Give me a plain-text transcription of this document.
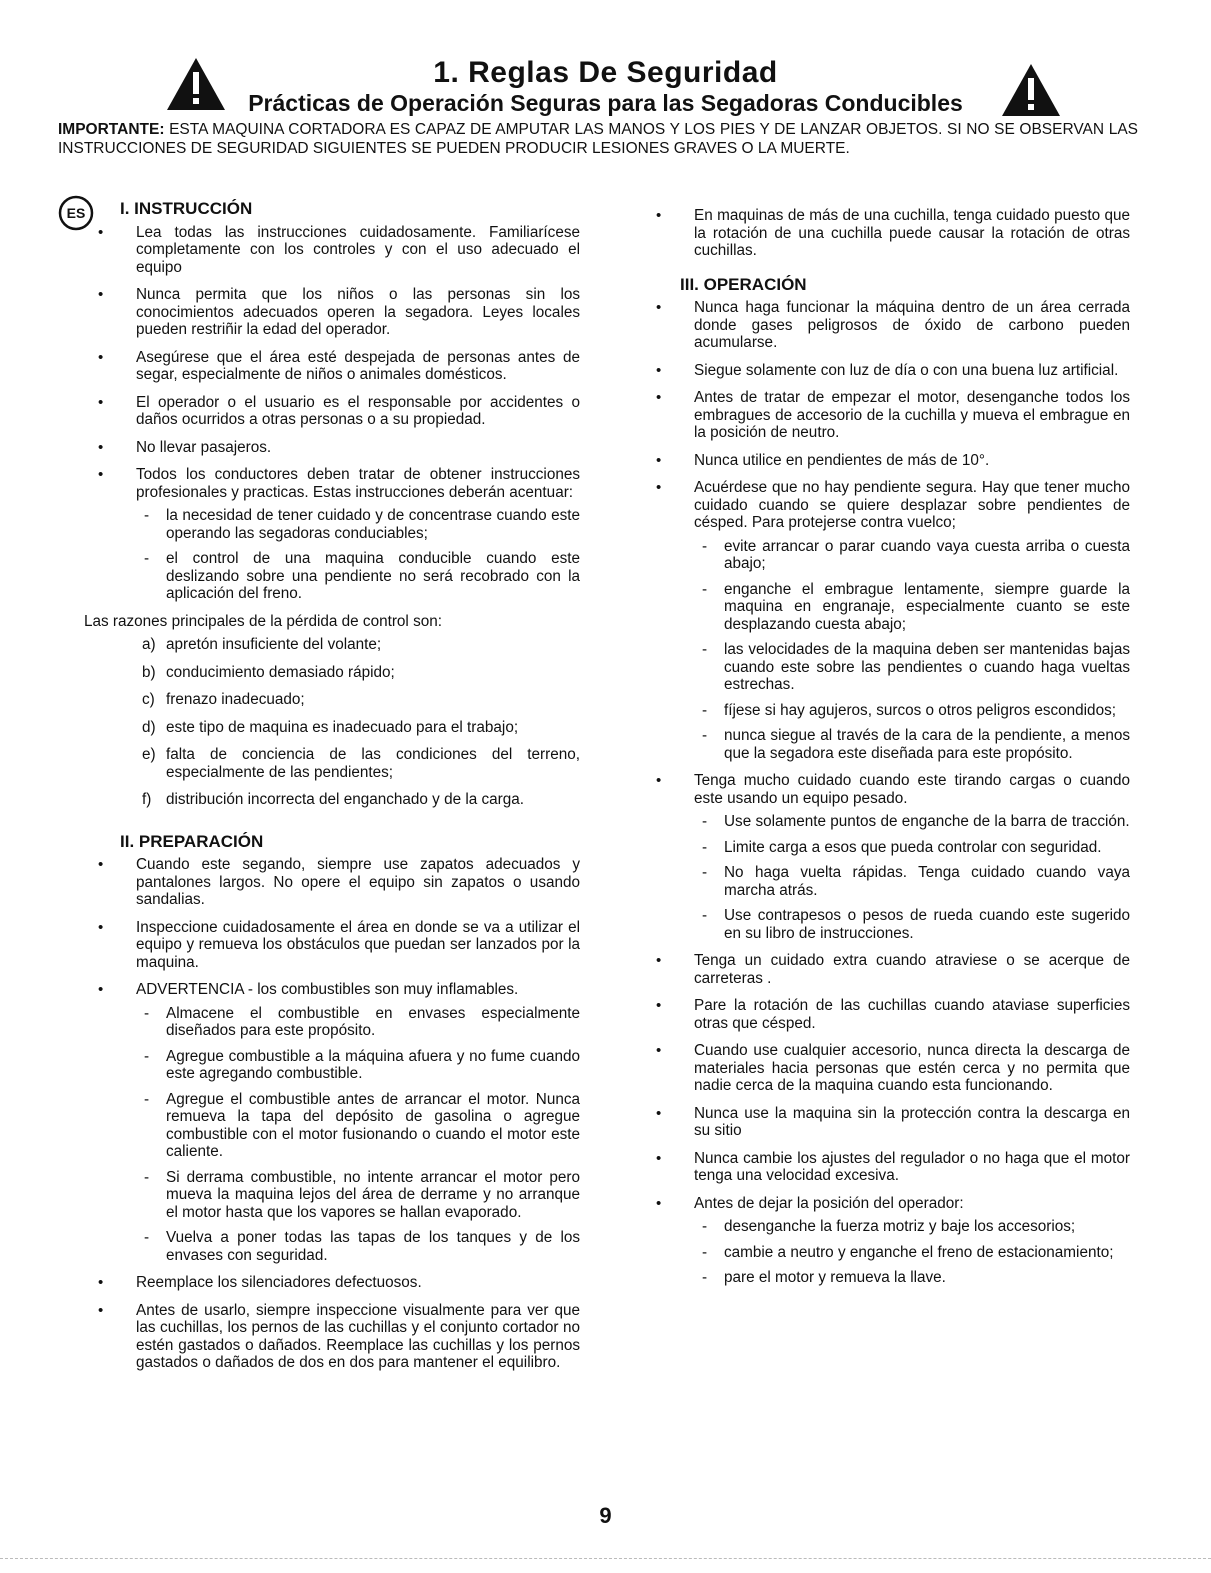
1. Reglas De Seguridad
Prácticas de Operación Seguras para las Segadoras Conducibles

IMPORTANTE: ESTA MAQUINA CORTADORA ES CAPAZ DE AMPUTAR LAS MANOS Y LOS PIES Y DE LANZAR OBJETOS. SI NO SE OBSERVAN LAS INSTRUCCIONES DE SEGURIDAD SIGUIENTES SE PUEDEN PRODUCIR LESIONES GRAVES O LA MUERTE.

ES I. INSTRUCCIÓN
• Lea todas las instrucciones cuidadosamente. Familiarícese completamente con los controles y con el uso adecuado el equipo
• Nunca permita que los niños o las personas sin los conocimientos adecuados operen la segadora. Leyes locales pueden restriñir la edad del operador.
• Asegúrese que el área esté despejada de personas antes de segar, especialmente de niños o animales domésticos.
• El operador o el usuario es el responsable por accidentes o daños ocurridos a otras personas o a su propiedad.
• No llevar pasajeros.
• Todos los conductores deben tratar de obtener instrucciones profesionales y practicas. Estas instrucciones deberán acentuar:
- la necesidad de tener cuidado y de concentrase cuando este operando las segadoras conduciables;
- el control de una maquina conducible cuando este deslizando sobre una pendiente no será recobrado con la aplicación del freno.
Las razones principales de la pérdida de control son:
a) apretón insuficiente del volante;
b) conducimiento demasiado rápido;
c) frenazo inadecuado;
d) este tipo de maquina es inadecuado para el trabajo;
e) falta de conciencia de las condiciones del terreno, especialmente de las pendientes;
f) distribución incorrecta del enganchado y de la carga.
II. PREPARACIÓN
• Cuando este segando, siempre use zapatos adecuados y pantalones largos. No opere el equipo sin zapatos o usando sandalias.
• Inspeccione cuidadosamente el área en donde se va a utilizar el equipo y remueva los obstáculos que puedan ser lanzados por la maquina.
• ADVERTENCIA - los combustibles son muy inflamables.
- Almacene el combustible en envases especialmente diseñados para este propósito.
- Agregue combustible a la máquina afuera y no fume cuando este agregando combustible.
- Agregue el combustible antes de arrancar el motor. Nunca remueva la tapa del depósito de gasolina o agregue combustible con el motor fusionando o cuando el motor este caliente.
- Si derrama combustible, no intente arrancar el motor pero mueva la maquina lejos del área de derrame y no arranque el motor hasta que los vapores se hallan evaporado.
- Vuelva a poner todas las tapas de los tanques y de los envases con seguridad.
• Reemplace los silenciadores defectuosos.
• Antes de usarlo, siempre inspeccione visualmente para ver que las cuchillas, los pernos de las cuchillas y el conjunto cortador no estén gastados o dañados. Reemplace las cuchillas y los pernos gastados o dañados de dos en dos para mantener el equilibro.
• En maquinas de más de una cuchilla, tenga cuidado puesto que la rotación de una cuchilla puede causar la rotación de otras cuchillas.
III. OPERACIÓN
• Nunca haga funcionar la máquina dentro de un área cerrada donde gases peligrosos de óxido de carbono pueden acumularse.
• Siegue solamente con luz de día o con una buena luz artificial.
• Antes de tratar de empezar el motor, desenganche todos los embragues de accesorio de la cuchilla y mueva el embrague en la posición de neutro.
• Nunca utilice en pendientes de más de 10°.
• Acuérdese que no hay pendiente segura. Hay que tener mucho cuidado cuando se quiere desplazar sobre pendientes de césped. Para protejerse contra vuelco;
- evite arrancar o parar cuando vaya cuesta arriba o cuesta abajo;
- enganche el embrague lentamente, siempre guarde la maquina en engranaje, especialmente cuanto se este desplazando cuesta abajo;
- las velocidades de la maquina deben ser mantenidas bajas cuando este sobre las pendientes o cuando haga vueltas estrechas.
- fíjese si hay agujeros, surcos o otros peligros escondidos;
- nunca siegue al través de la cara de la pendiente, a menos que la segadora este diseñada para este propósito.
• Tenga mucho cuidado cuando este tirando cargas o cuando este usando un equipo pesado.
- Use solamente puntos de enganche de la barra de tracción.
- Limite carga a esos que pueda controlar con seguridad.
- No haga vuelta rápidas. Tenga cuidado cuando vaya marcha atrás.
- Use contrapesos o pesos de rueda cuando este sugerido en su libro de instrucciones.
• Tenga un cuidado extra cuando atraviese o se acerque de carreteras .
• Pare la rotación de las cuchillas cuando ataviase superficies otras que césped.
• Cuando use cualquier accesorio, nunca directa la descarga de materiales hacia personas que estén cerca y no permita que nadie cerca de la maquina cuando esta funcionando.
• Nunca use la maquina sin la protección contra la descarga en su sitio
• Nunca cambie los ajustes del regulador o no haga que el motor tenga una velocidad excesiva.
• Antes de dejar la posición del operador:
- desenganche la fuerza motriz y baje los accesorios;
- cambie a neutro y enganche el freno de estacionamiento;
- pare el motor y remueva la llave.
9
